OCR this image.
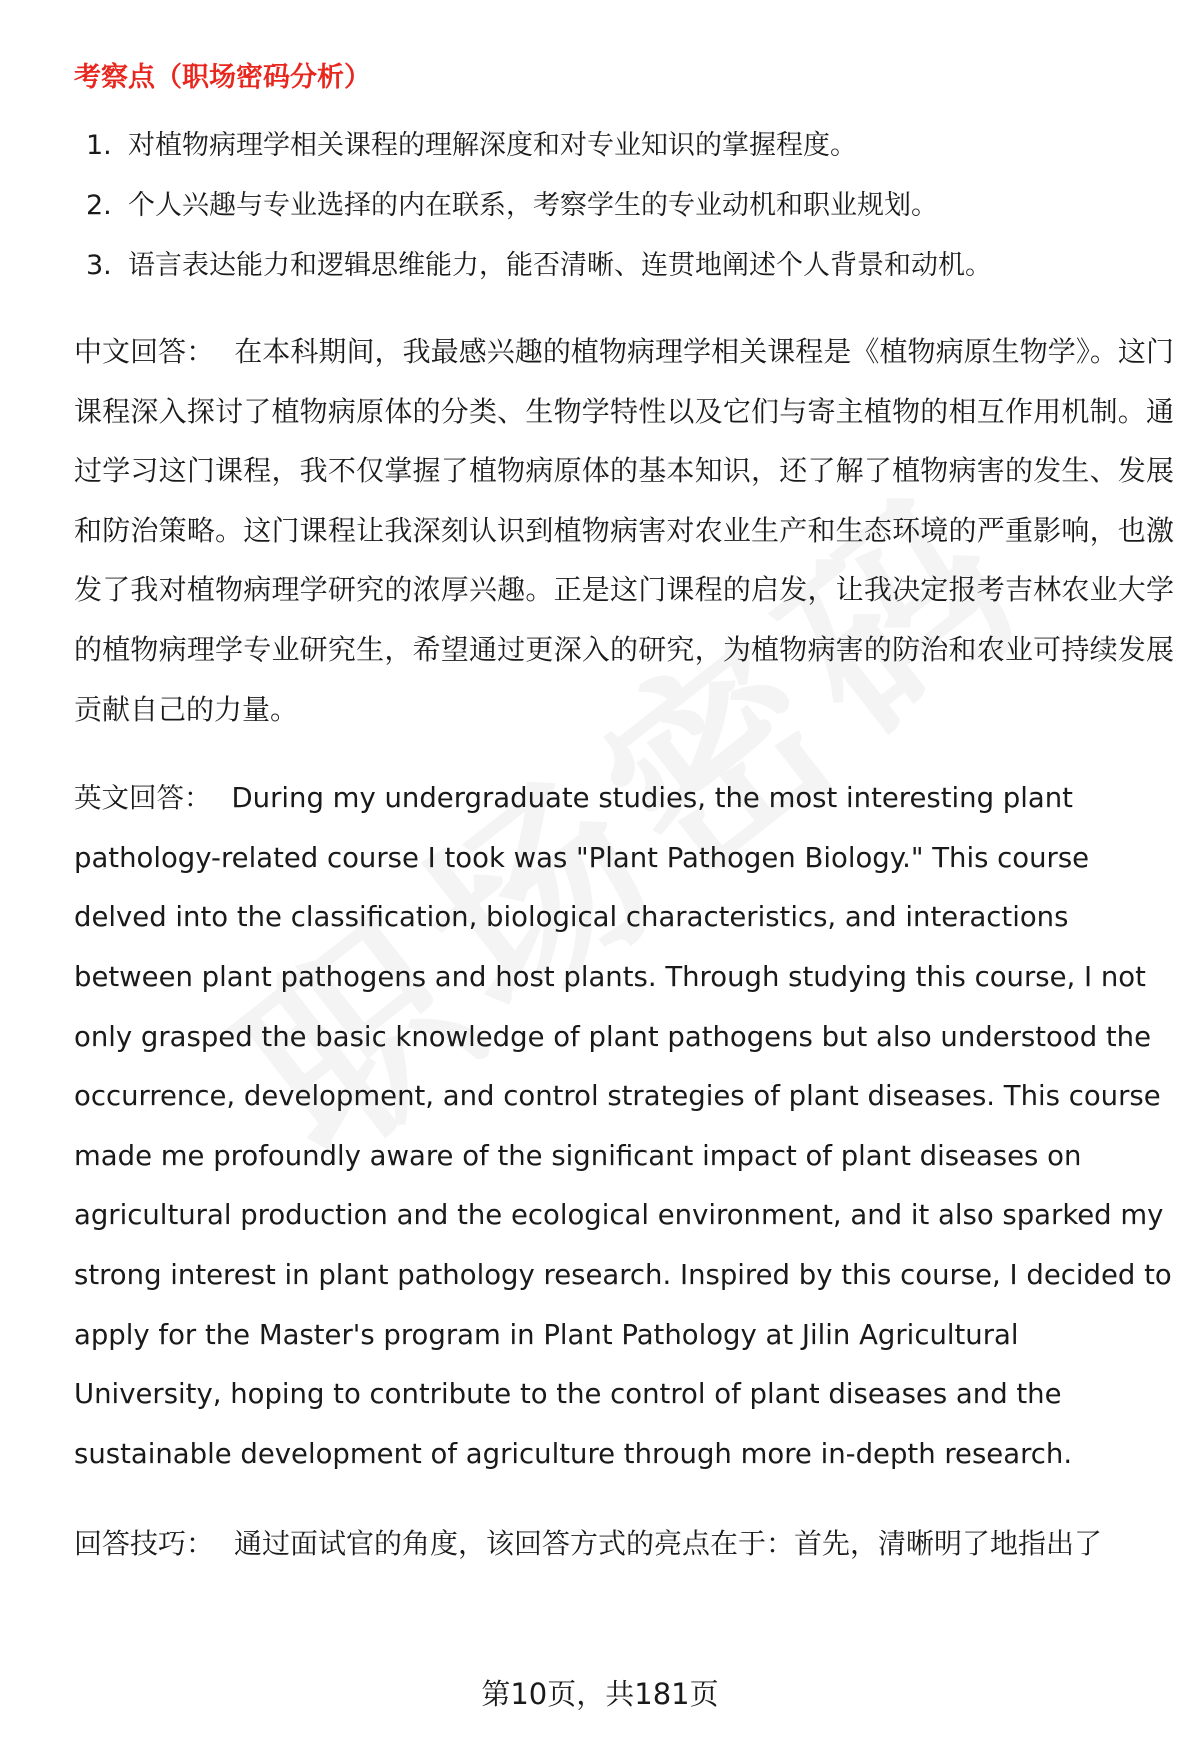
考察点（职场密码分析）
1. 对植物病理学相关课程的理解深度和对专业知识的掌握程度。
2. 个人兴趣与专业选择的内在联系，考察学生的专业动机和职业规划。
3. 语言表达能力和逻辑思维能力，能否清晰、连贯地阐述个人背景和动机。

中文回答： 在本科期间，我最感兴趣的植物病理学相关课程是《植物病原生物学》。这门课程深入探讨了植物病原体的分类、生物学特性以及它们与寄主植物的相互作用机制。通过学习这门课程，我不仅掌握了植物病原体的基本知识，还了解了植物病害的发生、发展和防治策略。这门课程让我深刻认识到植物病害对农业生产和生态环境的严重影响，也激发了我对植物病理学研究的浓厚兴趣。正是这门课程的启发，让我决定报考吉林农业大学的植物病理学专业研究生，希望通过更深入的研究，为植物病害的防治和农业可持续发展贡献自己的力量。

英文回答： During my undergraduate studies, the most interesting plant pathology-related course I took was "Plant Pathogen Biology." This course delved into the classification, biological characteristics, and interactions between plant pathogens and host plants. Through studying this course, I not only grasped the basic knowledge of plant pathogens but also understood the occurrence, development, and control strategies of plant diseases. This course made me profoundly aware of the significant impact of plant diseases on agricultural production and the ecological environment, and it also sparked my strong interest in plant pathology research. Inspired by this course, I decided to apply for the Master's program in Plant Pathology at Jilin Agricultural University, hoping to contribute to the control of plant diseases and the sustainable development of agriculture through more in-depth research.

回答技巧： 通过面试官的角度，该回答方式的亮点在于：首先，清晰明了地指出了

第10页，共181页
